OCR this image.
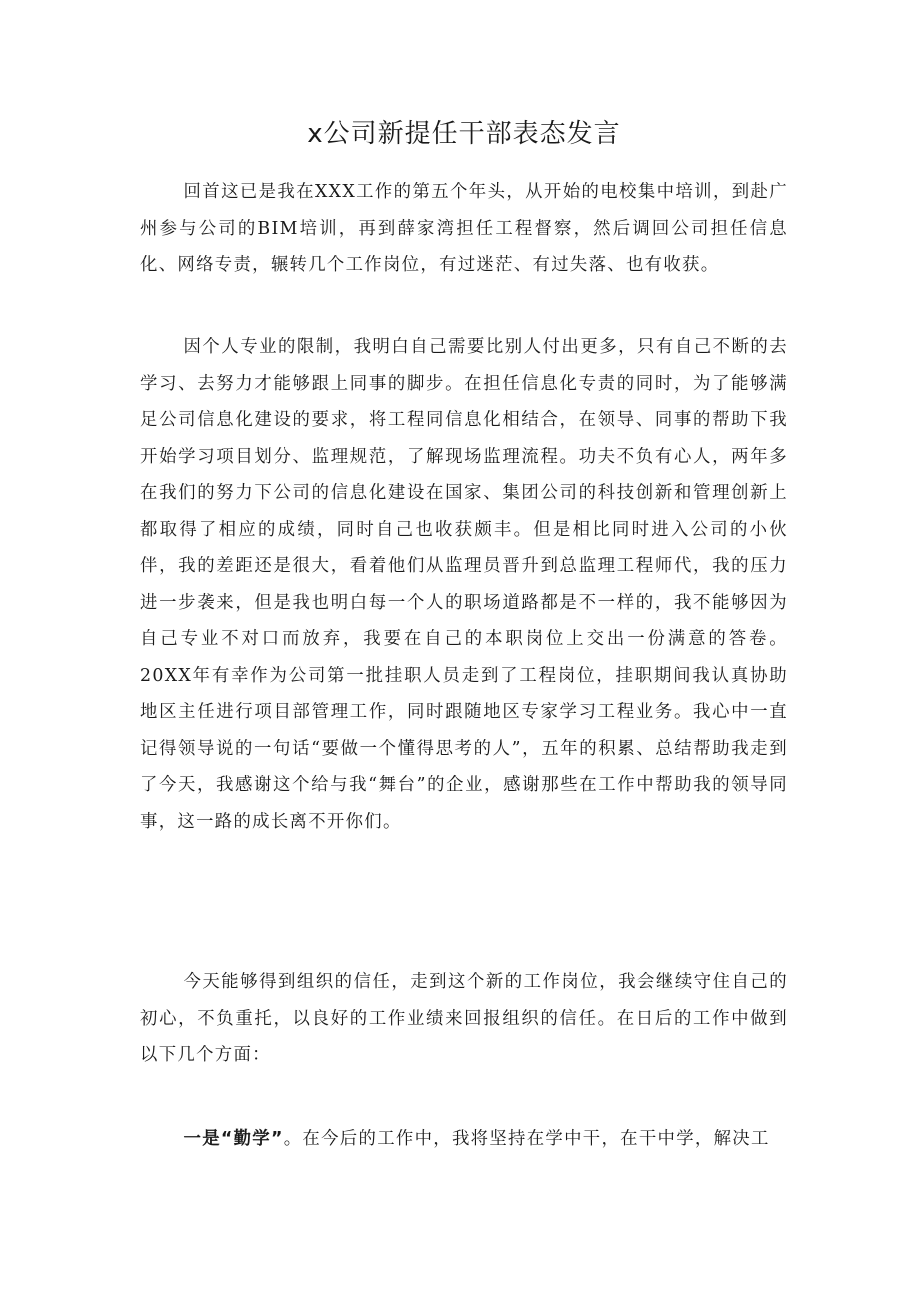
x公司新提任干部表态发言

回首这已是我在XXX工作的第五个年头，从开始的电校集中培训，到赴广州参与公司的BIM培训，再到薛家湾担任工程督察，然后调回公司担任信息化、网络专责，辗转几个工作岗位，有过迷茫、有过失落、也有收获。

因个人专业的限制，我明白自己需要比别人付出更多，只有自己不断的去学习、去努力才能够跟上同事的脚步。在担任信息化专责的同时，为了能够满足公司信息化建设的要求，将工程同信息化相结合，在领导、同事的帮助下我开始学习项目划分、监理规范，了解现场监理流程。功夫不负有心人，两年多在我们的努力下公司的信息化建设在国家、集团公司的科技创新和管理创新上都取得了相应的成绩，同时自己也收获颇丰。但是相比同时进入公司的小伙伴，我的差距还是很大，看着他们从监理员晋升到总监理工程师代，我的压力进一步袭来，但是我也明白每一个人的职场道路都是不一样的，我不能够因为自己专业不对口而放弃，我要在自己的本职岗位上交出一份满意的答卷。20XX年有幸作为公司第一批挂职人员走到了工程岗位，挂职期间我认真协助地区主任进行项目部管理工作，同时跟随地区专家学习工程业务。我心中一直记得领导说的一句话“要做一个懂得思考的人”，五年的积累、总结帮助我走到了今天，我感谢这个给与我“舞台”的企业，感谢那些在工作中帮助我的领导同事，这一路的成长离不开你们。

今天能够得到组织的信任，走到这个新的工作岗位，我会继续守住自己的初心，不负重托，以良好的工作业绩来回报组织的信任。在日后的工作中做到以下几个方面：

一是“勤学”。在今后的工作中，我将坚持在学中干，在干中学，解决工
